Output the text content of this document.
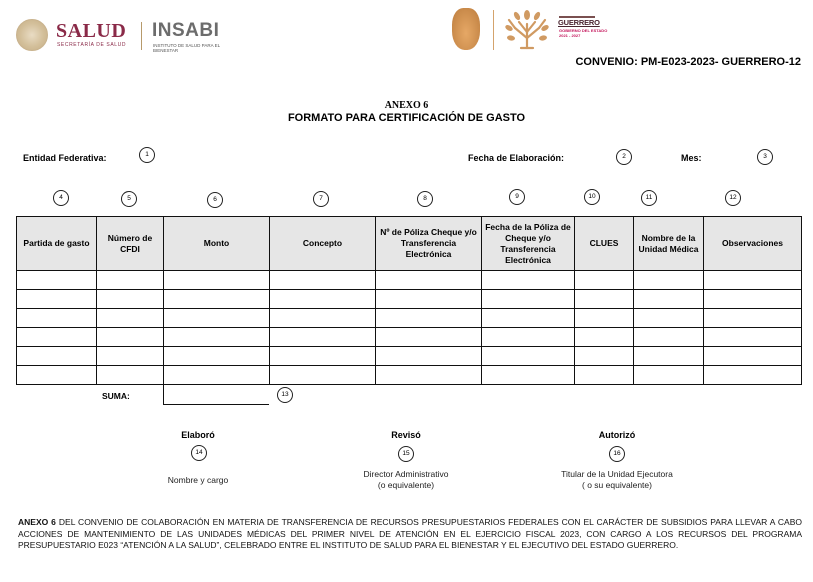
SALUD
SECRETARÍA DE SALUD
INSABI
INSTITUTO DE SALUD PARA EL BIENESTAR
GUERRERO
GOBIERNO DEL ESTADO
2021 - 2027
CONVENIO: PM-E023-2023- GUERRERO-12
ANEXO 6
FORMATO PARA CERTIFICACIÓN DE GASTO
Entidad Federativa:	1	Fecha de Elaboración:	2	Mes:	3
4	5	6	7	8	9	10	11	12
Partida de gasto	Número de CFDI	Monto	Concepto	Nº de Póliza Cheque y/o Transferencia Electrónica	Fecha de la Póliza de Cheque y/o Transferencia Electrónica	CLUES	Nombre de la Unidad Médica	Observaciones

SUMA:	13
Elaboró
14
Nombre y cargo
Revisó
15
Director Administrativo
(o equivalente)
Autorizó
16
Titular de la Unidad Ejecutora
( o su equivalente)
ANEXO 6 DEL CONVENIO DE COLABORACIÓN EN MATERIA DE TRANSFERENCIA DE RECURSOS PRESUPUESTARIOS FEDERALES CON EL CARÁCTER DE SUBSIDIOS PARA LLEVAR A CABO ACCIONES DE MANTENIMIENTO DE LAS UNIDADES MÉDICAS DEL PRIMER NIVEL DE ATENCIÓN EN EL EJERCICIO FISCAL 2023, CON CARGO A LOS RECURSOS DEL PROGRAMA PRESUPUESTARIO E023 “ATENCIÓN A LA SALUD”, CELEBRADO ENTRE EL INSTITUTO DE SALUD PARA EL BIENESTAR Y EL EJECUTIVO DEL ESTADO GUERRERO.
